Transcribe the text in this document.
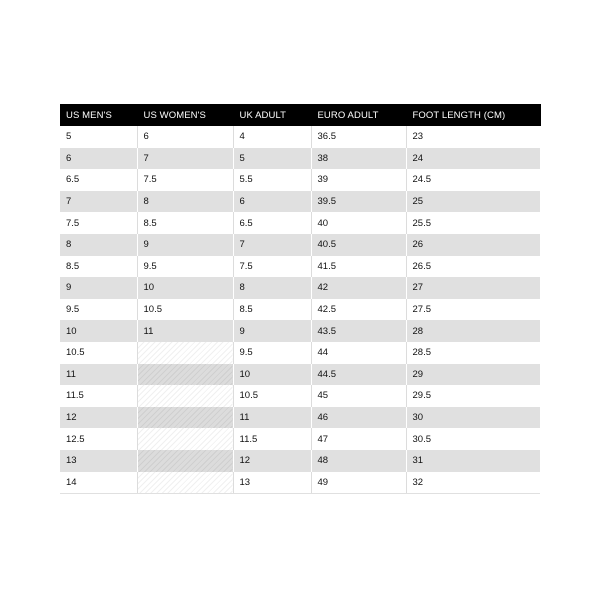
US MEN'S	US WOMEN'S	UK ADULT	EURO ADULT	FOOT LENGTH (CM)
5	6	4	36.5	23
6	7	5	38	24
6.5	7.5	5.5	39	24.5
7	8	6	39.5	25
7.5	8.5	6.5	40	25.5
8	9	7	40.5	26
8.5	9.5	7.5	41.5	26.5
9	10	8	42	27
9.5	10.5	8.5	42.5	27.5
10	11	9	43.5	28
10.5		9.5	44	28.5
11		10	44.5	29
11.5		10.5	45	29.5
12		11	46	30
12.5		11.5	47	30.5
13		12	48	31
14		13	49	32
